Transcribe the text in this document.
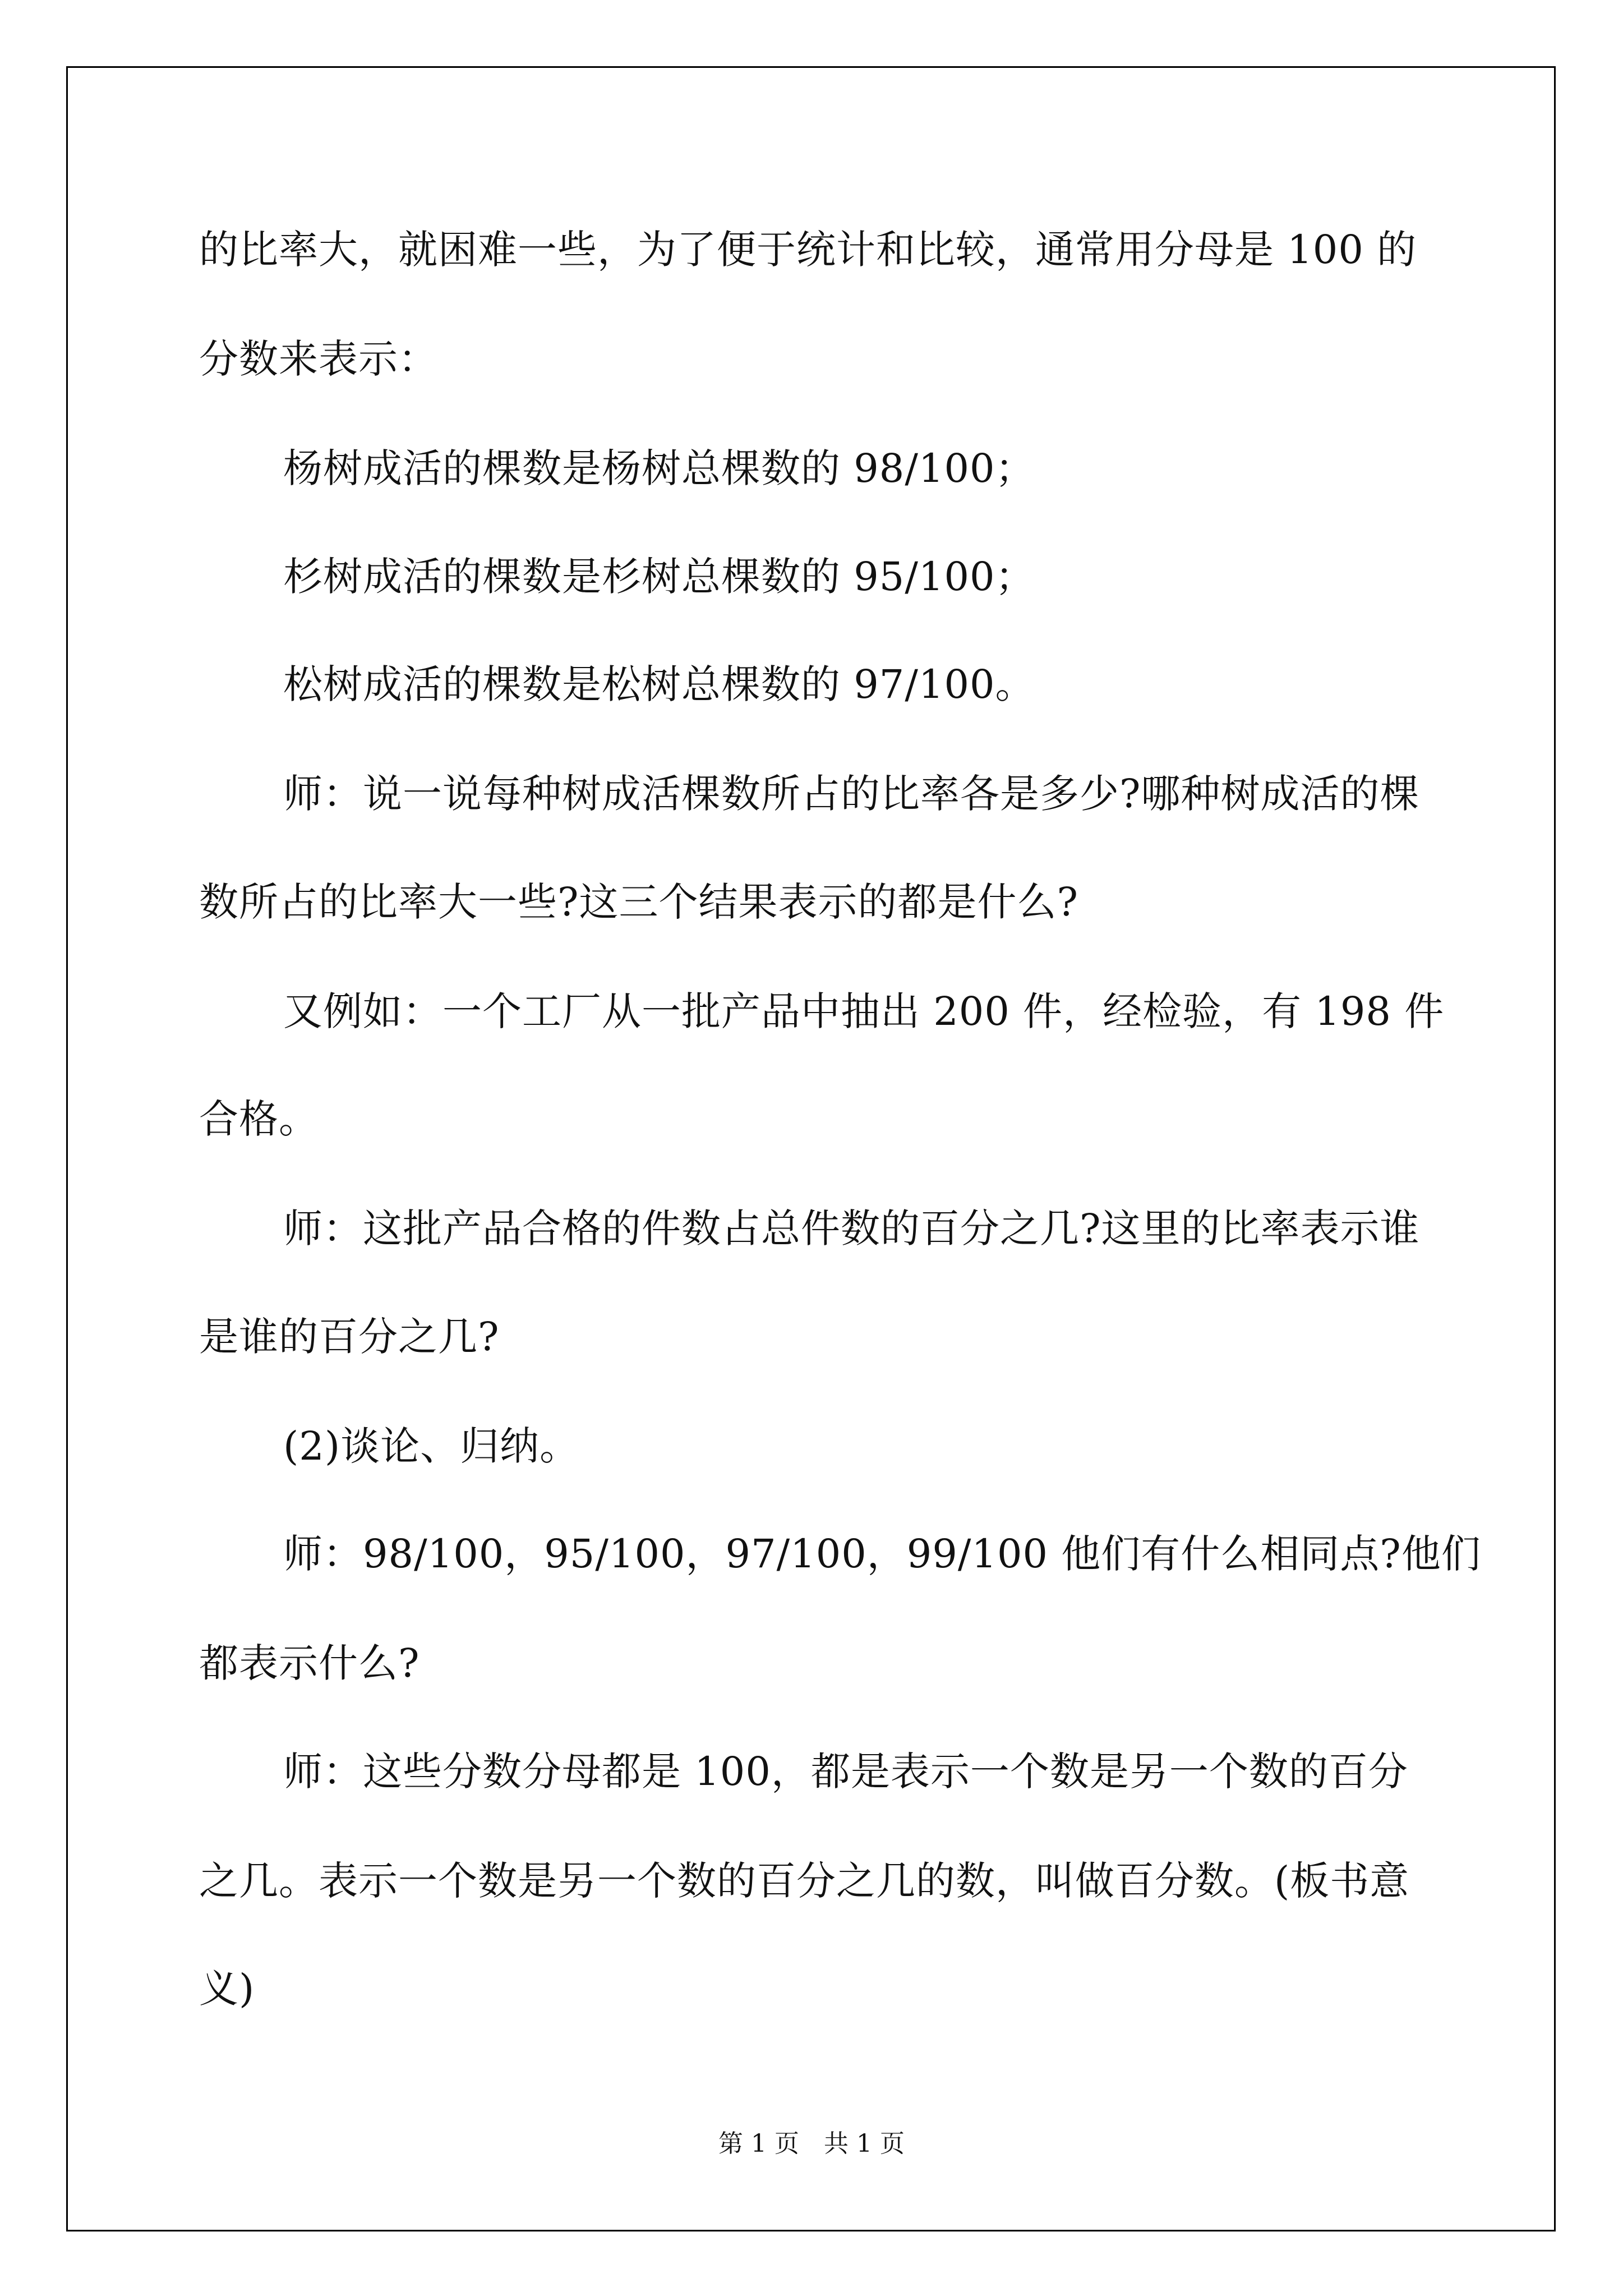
的比率大，就困难一些，为了便于统计和比较，通常用分母是 100 的
分数来表示：
杨树成活的棵数是杨树总棵数的 98/100；
杉树成活的棵数是杉树总棵数的 95/100；
松树成活的棵数是松树总棵数的 97/100。
师：说一说每种树成活棵数所占的比率各是多少?哪种树成活的棵
数所占的比率大一些?这三个结果表示的都是什么?
又例如：一个工厂从一批产品中抽出 200 件，经检验，有 198 件
合格。
师：这批产品合格的件数占总件数的百分之几?这里的比率表示谁
是谁的百分之几?
(2)谈论、归纳。
师：98/100，95/100，97/100，99/100 他们有什么相同点?他们
都表示什么?
师：这些分数分母都是 100，都是表示一个数是另一个数的百分
之几。表示一个数是另一个数的百分之几的数，叫做百分数。(板书意
义)
第 1 页　共 1 页
